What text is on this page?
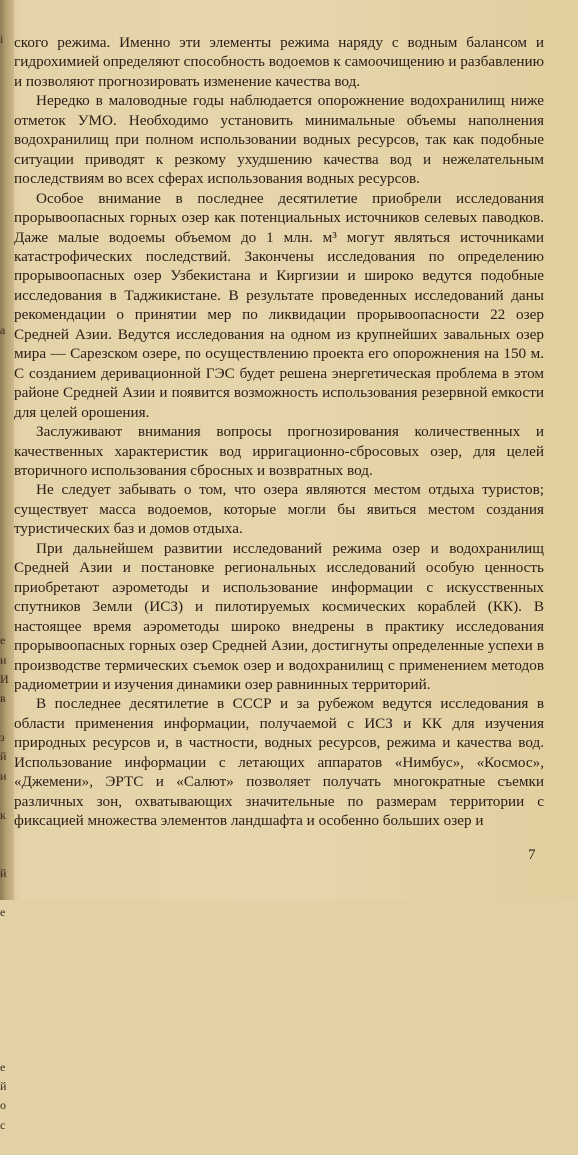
і
а
е
и
И
в
з
й
и
к
й
е
е
й
о
с

ского режима. Именно эти элементы режима наряду с водным балансом и гидрохимией определяют способность водоемов к самоочищению и разбавлению и позволяют прогнозировать изменение качества вод.

Нередко в маловодные годы наблюдается опорожнение водохранилищ ниже отметок УМО. Необходимо установить минимальные объемы наполнения водохранилищ при полном использовании водных ресурсов, так как подобные ситуации приводят к резкому ухудшению качества вод и нежелательным последствиям во всех сферах использования водных ресурсов.

Особое внимание в последнее десятилетие приобрели исследования прорывоопасных горных озер как потенциальных источников селевых паводков. Даже малые водоемы объемом до 1 млн. м³ могут являться источниками катастрофических последствий. Закончены исследования по определению прорывоопасных озер Узбекистана и Киргизии и широко ведутся подобные исследования в Таджикистане. В результате проведенных исследований даны рекомендации о принятии мер по ликвидации прорывоопасности 22 озер Средней Азии. Ведутся исследования на одном из крупнейших завальных озер мира — Сарезском озере, по осуществлению проекта его опорожнения на 150 м. С созданием деривационной ГЭС будет решена энергетическая проблема в этом районе Средней Азии и появится возможность использования резервной емкости для целей орошения.

Заслуживают внимания вопросы прогнозирования количественных и качественных характеристик вод ирригационно-сбросовых озер, для целей вторичного использования сбросных и возвратных вод.

Не следует забывать о том, что озера являются местом отдыха туристов; существует масса водоемов, которые могли бы явиться местом создания туристических баз и домов отдыха.

При дальнейшем развитии исследований режима озер и водохранилищ Средней Азии и постановке региональных исследований особую ценность приобретают аэрометоды и использование информации с искусственных спутников Земли (ИСЗ) и пилотируемых космических кораблей (КК). В настоящее время аэрометоды широко внедрены в практику исследования прорывоопасных горных озер Средней Азии, достигнуты определенные успехи в производстве термических съемок озер и водохранилищ с применением методов радиометрии и изучения динамики озер равнинных территорий.

В последнее десятилетие в СССР и за рубежом ведутся исследования в области применения информации, получаемой с ИСЗ и КК для изучения природных ресурсов и, в частности, водных ресурсов, режима и качества вод. Использование информации с летающих аппаратов «Нимбус», «Космос», «Джемени», ЭРТС и «Салют» позволяет получать многократные съемки различных зон, охватывающих значительные по размерам территории с фиксацией множества элементов ландшафта и особенно больших озер и

7
